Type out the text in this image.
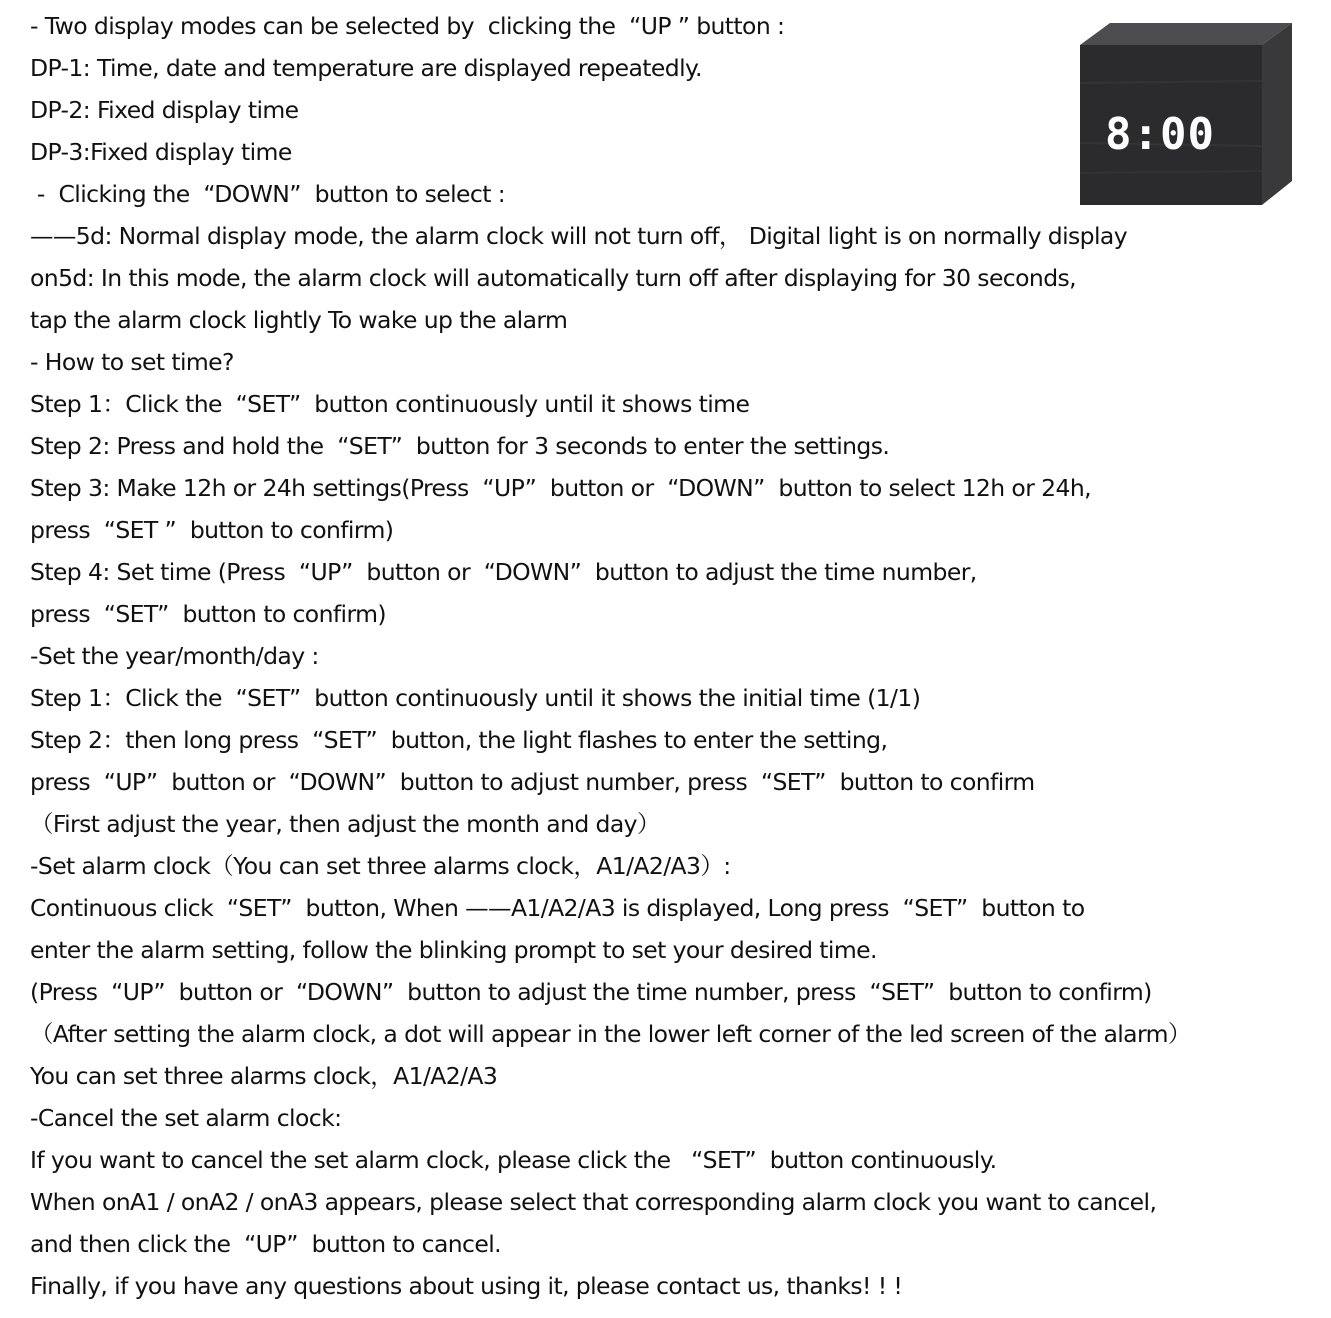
- Two display modes can be selected by  clicking the  “UP ” button :
DP-1: Time, date and temperature are displayed repeatedly.
DP-2: Fixed display time
DP-3:Fixed display time
-  Clicking the  “DOWN”  button to select :
——5d: Normal display mode, the alarm clock will not turn off， Digital light is on normally display
on5d: In this mode, the alarm clock will automatically turn off after displaying for 30 seconds,
tap the alarm clock lightly To wake up the alarm
- How to set time?
Step 1：Click the  “SET”  button continuously until it shows time
Step 2: Press and hold the  “SET”  button for 3 seconds to enter the settings.
Step 3: Make 12h or 24h settings(Press  “UP”  button or  “DOWN”  button to select 12h or 24h,
press  “SET ”  button to confirm)
Step 4: Set time (Press  “UP”  button or  “DOWN”  button to adjust the time number,
press  “SET”  button to confirm)
-Set the year/month/day :
Step 1：Click the  “SET”  button continuously until it shows the initial time (1/1)
Step 2：then long press  “SET”  button, the light flashes to enter the setting,
press  “UP”  button or  “DOWN”  button to adjust number, press  “SET”  button to confirm
（First adjust the year, then adjust the month and day）
-Set alarm clock（You can set three alarms clock，A1/A2/A3）:
Continuous click  “SET”  button, When ——A1/A2/A3 is displayed, Long press  “SET”  button to
enter the alarm setting, follow the blinking prompt to set your desired time.
(Press  “UP”  button or  “DOWN”  button to adjust the time number, press  “SET”  button to confirm)
（After setting the alarm clock, a dot will appear in the lower left corner of the led screen of the alarm）
You can set three alarms clock，A1/A2/A3
-Cancel the set alarm clock:
If you want to cancel the set alarm clock, please click the   “SET”  button continuously.
When onA1 / onA2 / onA3 appears, please select that corresponding alarm clock you want to cancel,
and then click the  “UP”  button to cancel.
Finally, if you have any questions about using it, please contact us, thanks! ! !
8:00
